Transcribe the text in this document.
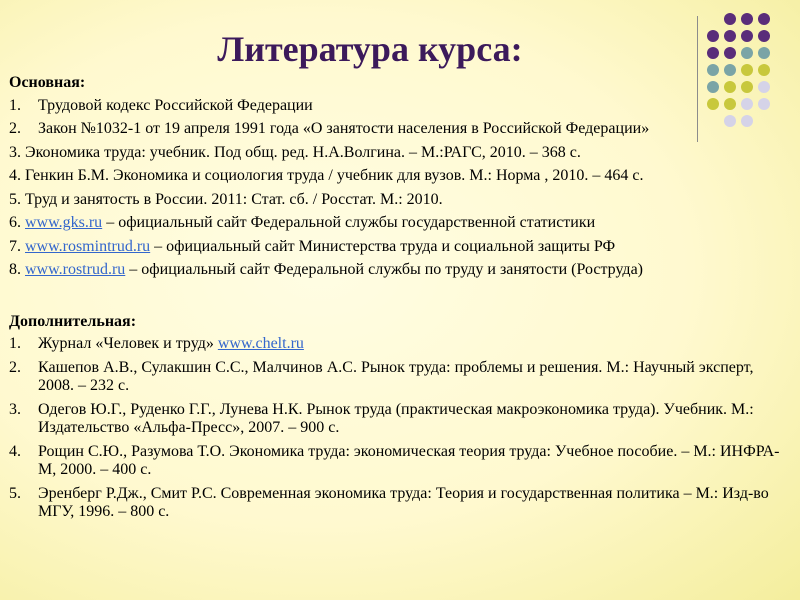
Литература курса:
Основная:
1.	Трудовой кодекс Российской Федерации
2.	Закон №1032-1 от 19 апреля 1991 года «О занятости населения в Российской Федерации»
3. Экономика труда: учебник. Под общ. ред. Н.А.Волгина. – М.:РАГС, 2010. – 368 с.
4. Генкин Б.М. Экономика и социология труда / учебник для вузов. М.: Норма , 2010. – 464 с.
5. Труд и занятость в России. 2011: Стат. сб. / Росстат. М.: 2010.
6. www.gks.ru – официальный сайт Федеральной службы государственной статистики
7. www.rosmintrud.ru – официальный сайт Министерства труда и социальной защиты РФ
8. www.rostrud.ru – официальный сайт Федеральной службы по труду и занятости (Роструда)
Дополнительная:
1.	Журнал «Человек и труд» www.chelt.ru
2.	Кашепов А.В., Сулакшин С.С., Малчинов А.С. Рынок труда: проблемы и решения. М.: Научный эксперт, 2008. – 232 с.
3.	Одегов Ю.Г., Руденко Г.Г., Лунева Н.К. Рынок труда (практическая макроэкономика труда). Учебник. М.: Издательство «Альфа-Пресс», 2007. – 900 с.
4.	Рощин С.Ю., Разумова Т.О. Экономика труда: экономическая теория труда: Учебное пособие. – М.: ИНФРА-М, 2000. – 400 с.
5.	Эренберг Р.Дж., Смит Р.С. Современная экономика труда: Теория и государственная политика – М.: Изд-во МГУ, 1996. – 800 с.
